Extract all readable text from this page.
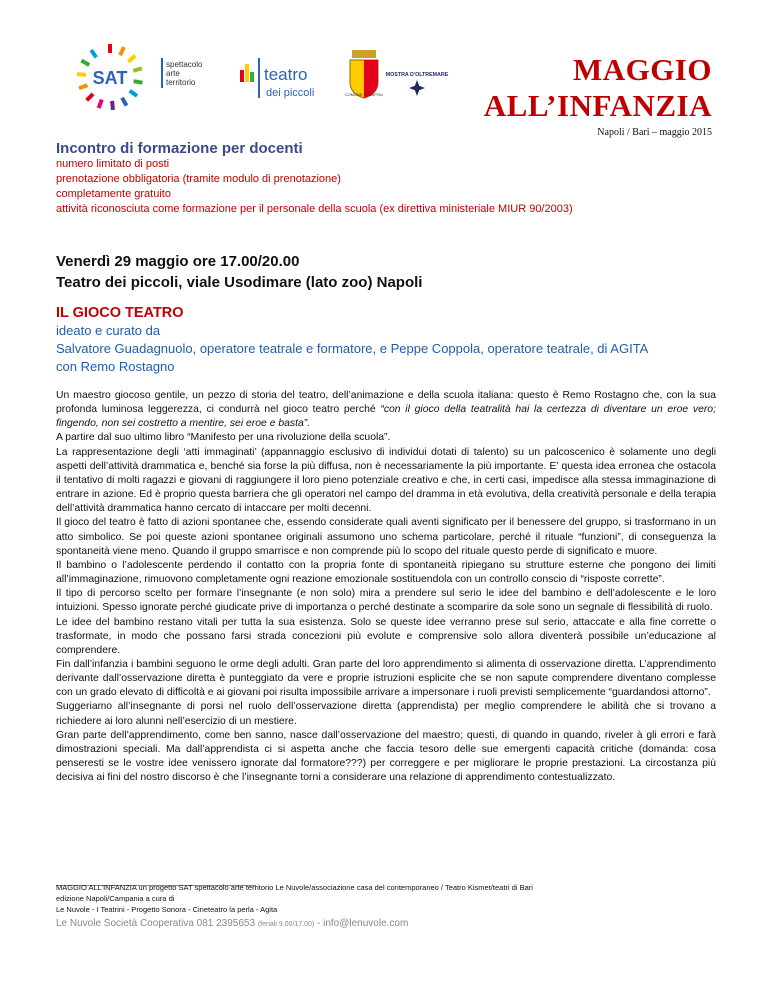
SAT
spettacolo
arte
territorio	teatro
dei piccoli	COMUNE DI NAPOLI
MOSTRA D'OLTREMARE	MAGGIO
ALL’INFANZIA
Napoli / Bari – maggio 2015
Incontro di formazione per docenti
numero limitato di posti
prenotazione obbligatoria (tramite modulo di prenotazione)
completamente gratuito
attività riconosciuta come formazione per il personale della scuola (ex direttiva ministeriale MIUR 90/2003)
Venerdì 29 maggio ore 17.00/20.00
Teatro dei piccoli, viale Usodimare (lato zoo) Napoli
IL GIOCO TEATRO
ideato e curato da
Salvatore Guadagnuolo, operatore teatrale e formatore, e Peppe Coppola, operatore teatrale, di AGITA
con Remo Rostagno

Un maestro giocoso gentile, un pezzo di storia del teatro, dell’animazione e della scuola italiana: questo è Remo Rostagno che, con la sua profonda luminosa leggerezza, ci condurrà nel gioco teatro perché “con il gioco della teatralità hai la certezza di diventare un eroe vero; fingendo, non sei costretto a mentire, sei eroe e basta”.

A partire dal suo ultimo libro “Manifesto per una rivoluzione della scuola”.

La rappresentazione degli ‘atti immaginati’ (appannaggio esclusivo di individui dotati di talento) su un palcoscenico è solamente uno degli aspetti dell’attività drammatica e, benché sia forse la più diffusa, non è necessariamente la più importante. E’ questa idea erronea che ostacola il tentativo di molti ragazzi e giovani di raggiungere il loro pieno potenziale creativo e che, in certi casi, impedisce alla stessa immaginazione di entrare in azione. Ed è proprio questa barriera che gli operatori nel campo del dramma in età evolutiva, della creatività personale e della terapia dell’attività drammatica hanno cercato di intaccare per molti decenni.

Il gioco del teatro è fatto di azioni spontanee che, essendo considerate quali aventi significato per il benessere del gruppo, si trasformano in un atto simbolico. Se poi queste azioni spontanee originali assumono uno schema particolare, perché il rituale “funzioni”, di conseguenza la spontaneità viene meno. Quando il gruppo smarrisce e non comprende più lo scopo del rituale questo perde di significato e muore.

Il bambino o l’adolescente perdendo il contatto con la propria fonte di spontaneità ripiegano su strutture esterne che pongono dei limiti all’immaginazione, rimuovono completamente ogni reazione emozionale sostituendola con un controllo conscio di “risposte corrette”.

Il tipo di percorso scelto per formare l’insegnante (e non solo) mira a prendere sul serio le idee del bambino e dell’adolescente e le loro intuizioni. Spesso ignorate perché giudicate prive di importanza o perché destinate a scomparire da sole sono un segnale di flessibilità di ruolo.

Le idee del bambino restano vitali per tutta la sua esistenza. Solo se queste idee verranno prese sul serio, attaccate e alla fine corrette o trasformate, in modo che possano farsi strada concezioni più evolute e comprensive solo allora diventerà possibile un’educazione al comprendere.

Fin dall’infanzia i bambini seguono le orme degli adulti. Gran parte del loro apprendimento si alimenta di osservazione diretta. L’apprendimento derivante dall’osservazione diretta è punteggiato da vere e proprie istruzioni esplicite che se non sapute comprendere diventano complesse con un grado elevato di difficoltà e ai giovani poi risulta impossibile arrivare a impersonare i ruoli previsti semplicemente “guardandosi attorno”.

Suggeriamo all’insegnante di porsi nel ruolo dell’osservazione diretta (apprendista) per meglio comprendere le abilità che si trovano a richiedere ai loro alunni nell’esercizio di un mestiere.

Gran parte dell’apprendimento, come ben sanno, nasce dall’osservazione del maestro; questi, di quando in quando, riveler à gli errori e farà dimostrazioni speciali. Ma dall’apprendista ci si aspetta anche che faccia tesoro delle sue emergenti capacità critiche (domanda: cosa penseresti se le vostre idee venissero ignorate dal formatore???) per correggere e per migliorare le proprie prestazioni. La circostanza più decisiva ai fini del nostro discorso è che l’insegnante torni a considerare una relazione di apprendimento contestualizzato.

MAGGIO ALL’INFANZIA un progetto SAT spettacolo arte territorio Le Nuvole/associazione casa del contemporaneo / Teatro Kismet/teatri di Bari
edizione Napoli/Campania a cura di
Le Nuvole - I Teatrini - Progetto Sonora - Cineteatro la perla - Agita
Le Nuvole Società Cooperativa 081 2395653 (feriali 9.00/17.00) - info@lenuvole.com
